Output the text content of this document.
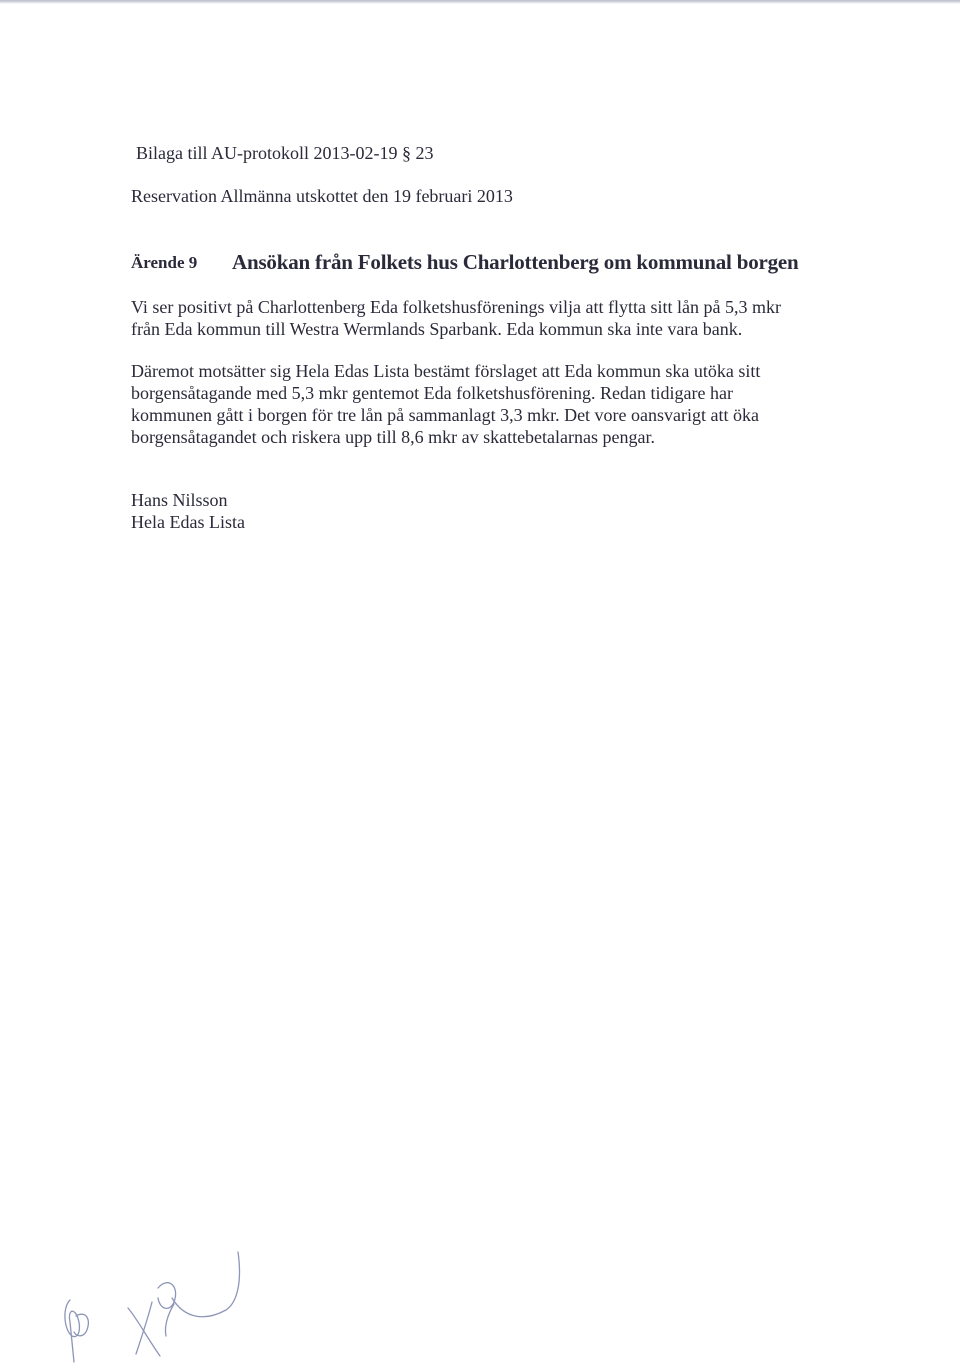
Bilaga till AU-protokoll 2013-02-19 § 23
Reservation Allmänna utskottet den 19 februari 2013
Ärende 9 Ansökan från Folkets hus Charlottenberg om kommunal borgen
Vi ser positivt på Charlottenberg Eda folketshusförenings vilja att flytta sitt lån på 5,3 mkr
från Eda kommun till Westra Wermlands Sparbank. Eda kommun ska inte vara bank.
Däremot motsätter sig Hela Edas Lista bestämt förslaget att Eda kommun ska utöka sitt
borgensåtagande med 5,3 mkr gentemot Eda folketshusförening. Redan tidigare har
kommunen gått i borgen för tre lån på sammanlagt 3,3 mkr. Det vore oansvarigt att öka
borgensåtagandet och riskera upp till 8,6 mkr av skattebetalarnas pengar.
Hans Nilsson
Hela Edas Lista
